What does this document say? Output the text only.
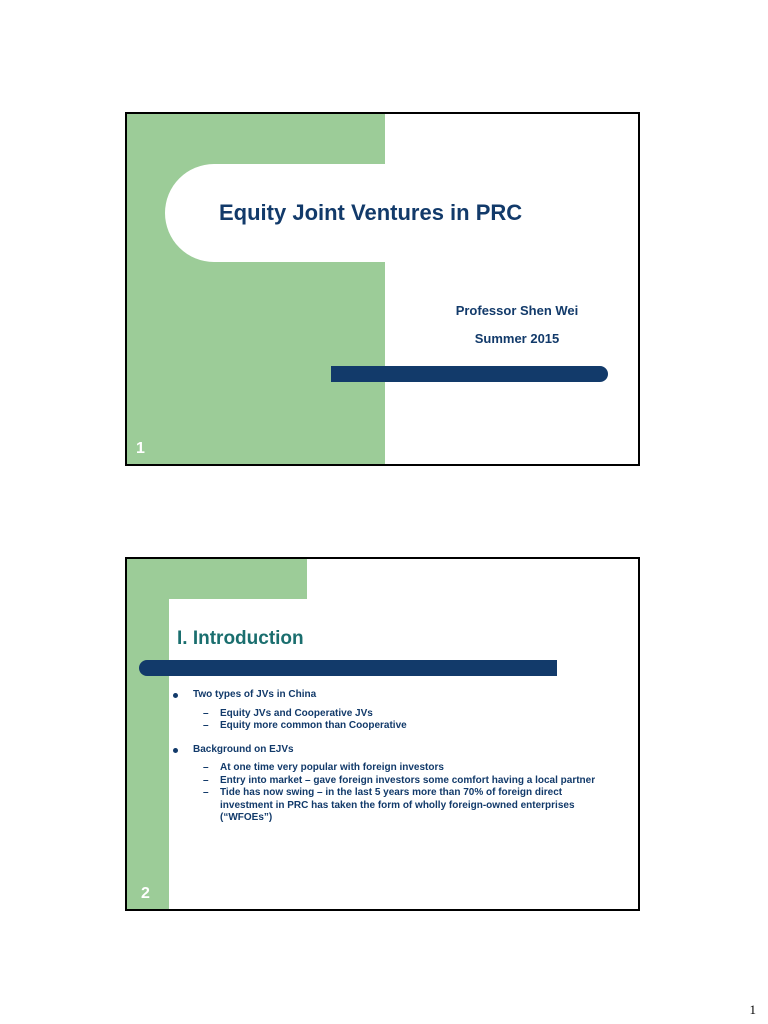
Equity Joint Ventures in PRC
Professor Shen Wei
Summer 2015
1
I. Introduction
Two types of JVs in China
– Equity JVs and Cooperative JVs
– Equity more common than Cooperative
Background on EJVs
– At one time very popular with foreign investors
– Entry into market – gave foreign investors some comfort having a local partner
– Tide has now swing – in the last 5 years more than 70% of foreign direct investment in PRC has taken the form of wholly foreign-owned enterprises (“WFOEs”)
2
1
